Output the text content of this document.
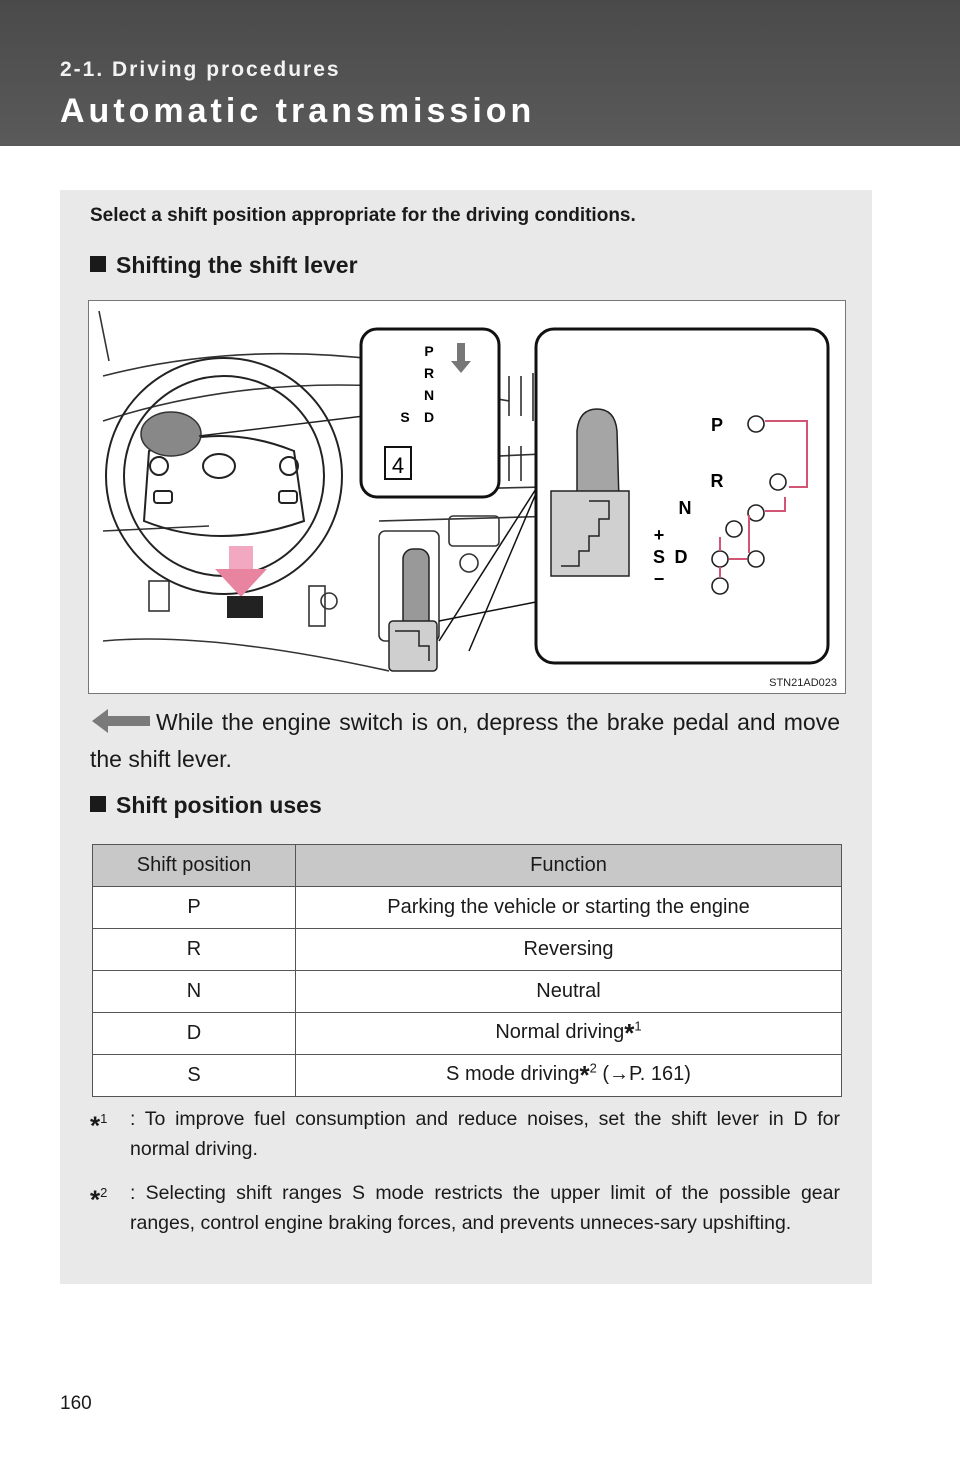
2-1. Driving procedures
Automatic transmission
Select a shift position appropriate for the driving conditions.
Shifting the shift lever
P
R
N
D
S
4
P
R
N
+
S D
−
STN21AD023
While the engine switch is on, depress the brake pedal and move the shift lever.
Shift position uses
Shift position	Function
P	Parking the vehicle or starting the engine
R	Reversing
N	Neutral
D	Normal driving*$^1$
S	S mode driving*$^2$ (→P. 161)
*$^1$ : To improve fuel consumption and reduce noises, set the shift lever in D for normal driving.
*$^2$ : Selecting shift ranges S mode restricts the upper limit of the possible gear ranges, control engine braking forces, and prevents unneces-sary upshifting.
160
